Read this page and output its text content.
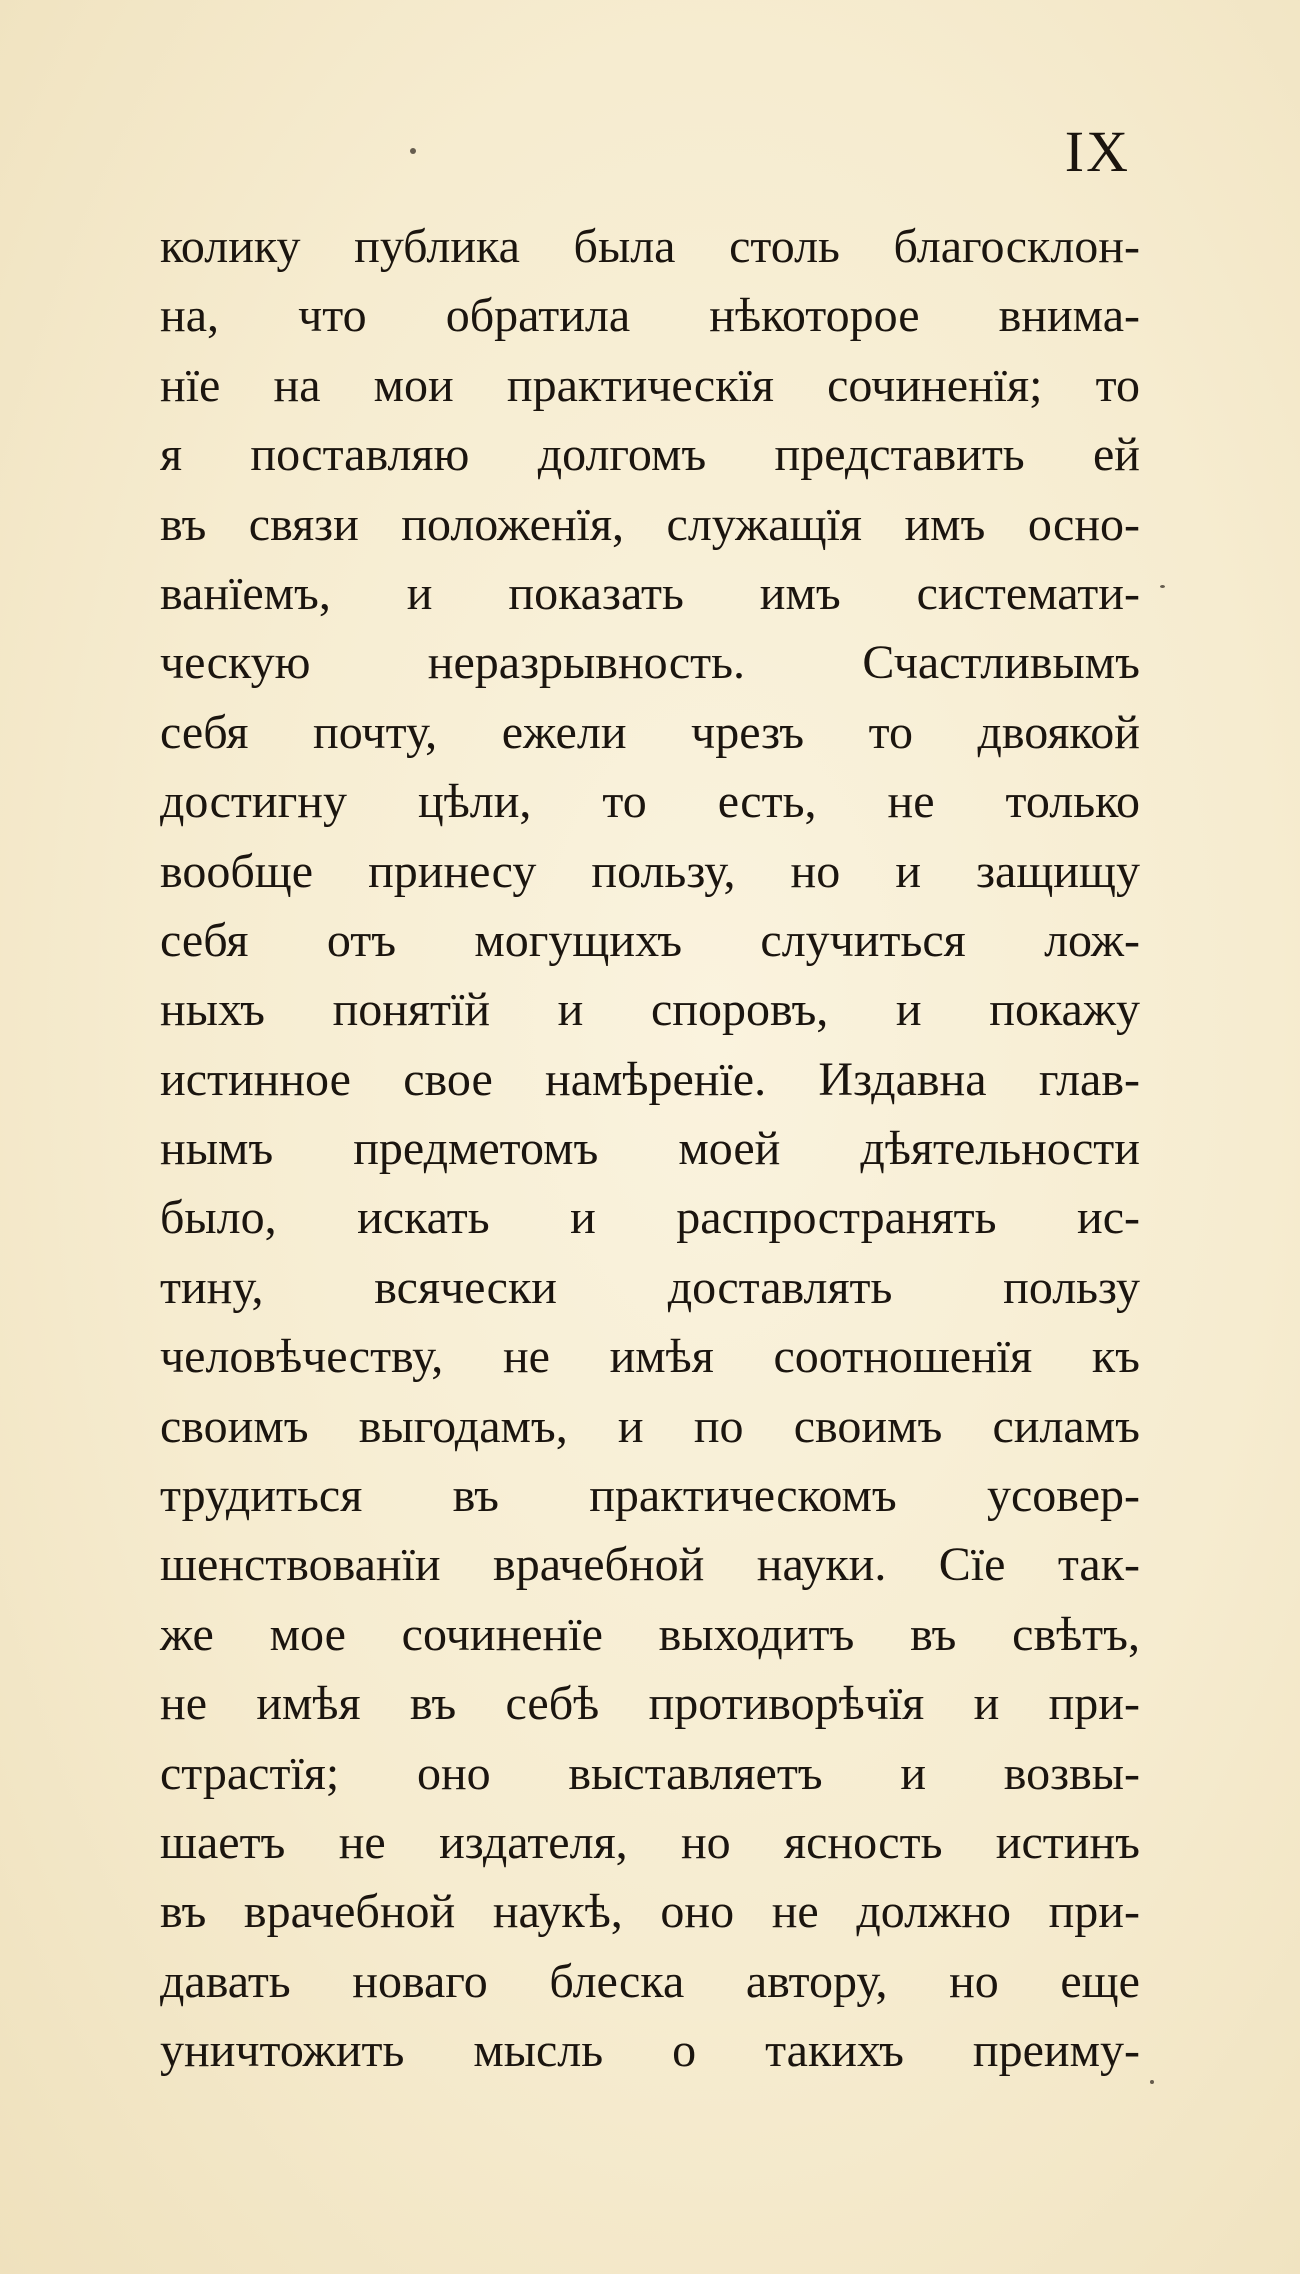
IX
колику публика была столь благосклон-
на, что обратила нѣкоторое внима-
нїе на мои практическїя сочиненїя; то
я поставляю долгомъ представить ей
въ связи положенїя, служащїя имъ осно-
ванїемъ, и показать имъ системати-
ческую неразрывность. Счастливымъ
себя почту, ежели чрезъ то двоякой
достигну цѣли, то есть, не только
вообще принесу пользу, но и защищу
себя отъ могущихъ случиться лож-
ныхъ понятїй и споровъ, и покажу
истинное свое намѣренїе. Издавна глав-
нымъ предметомъ моей дѣятельности
было, искать и распространять ис-
тину, всячески доставлять пользу
человѣчеству, не имѣя соотношенїя къ
своимъ выгодамъ, и по своимъ силамъ
трудиться въ практическомъ усовер-
шенствованїи врачебной науки. Сїе так-
же мое сочиненїе выходитъ въ свѣтъ,
не имѣя въ себѣ противорѣчїя и при-
страстїя; оно выставляетъ и возвы-
шаетъ не издателя, но ясность истинъ
въ врачебной наукѣ, оно не должно при-
давать новаго блеска автору, но еще
уничтожить мысль о такихъ преиму-
